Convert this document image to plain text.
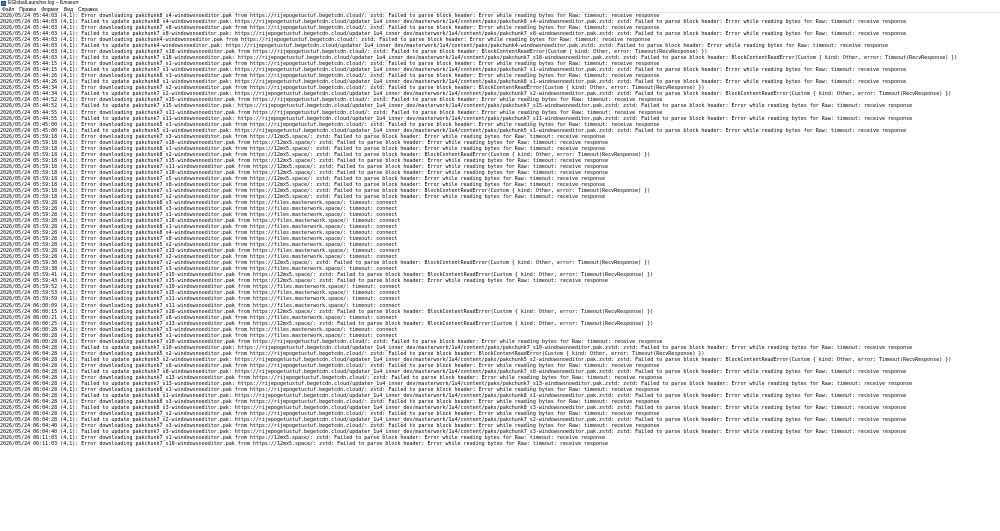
EGlobalLauncher.log – Блокнот
Файл	Правка	Формат	Вид	Справка
2026/05/24 05:44:03 (4,1): Error downloading pakchunk8_s4-windowsnoeditor.pak from https://rijepogetustuf.begetcdn.cloud/: zstd: Failed to parse block header: Error while reading bytes for Raw: timeout: receive response
2026/05/24 05:44:03 (4,1): Failed to update pakchunk8_s4-windowsnoeditor.pak: https://rijepogetustuf.begetcdn.cloud/updater_1u4_inner_dev/masterwork/1u4/content/paks/pakchunk8_s4-windowsnoeditor.pak.zstd: zstd: Failed to parse block header: Error while reading bytes for Raw: timeout: receive response
2026/05/24 05:44:03 (4,1): Error downloading pakchunk7_s8-windowsnoeditor.pak from https://rijepogetustuf.begetcdn.cloud/: zstd: Failed to parse block header: Error while reading bytes for Raw: timeout: receive response
2026/05/24 05:44:03 (4,1): Failed to update pakchunk7_s8-windowsnoeditor.pak: https://rijepogetustuf.begetcdn.cloud/updater_1u4_inner_dev/masterwork/1u4/content/paks/pakchunk7_s8-windowsnoeditor.pak.zstd: zstd: Failed to parse block header: Error while reading bytes for Raw: timeout: receive response
2026/05/24 05:44:03 (4,1): Error downloading pakchunk4-windowsnoeditor.pak from https://rijepogetustuf.begetcdn.cloud/: zstd: Failed to parse block header: Error while reading bytes for Raw: timeout: receive response
2026/05/24 05:44:03 (4,1): Failed to update pakchunk4-windowsnoeditor.pak: https://rijepogetustuf.begetcdn.cloud/updater_1u4_inner_dev/masterwork/1u4/content/paks/pakchunk4-windowsnoeditor.pak.zstd: zstd: Failed to parse block header: Error while reading bytes for Raw: timeout: receive response
2026/05/24 05:44:03 (4,1): Error downloading pakchunk7_s18-windowsnoeditor.pak from https://rijepogetustuf.begetcdn.cloud/: zstd: Failed to parse block header: BlockContentReadError(Custom { kind: Other, error: Timeout(RecvResponse) })
2026/05/24 05:44:03 (4,1): Failed to update pakchunk7_s18-windowsnoeditor.pak: https://rijepogetustuf.begetcdn.cloud/updater_1u4_inner_dev/masterwork/1u4/content/paks/pakchunk7_s18-windowsnoeditor.pak.zstd: zstd: Failed to parse block header: BlockContentReadError(Custom { kind: Other, error: Timeout(RecvResponse) })
2026/05/24 05:44:15 (4,1): Error downloading pakchunk7_s1-windowsnoeditor.pak from https://rijepogetustuf.begetcdn.cloud/: zstd: Failed to parse block header: Error while reading bytes for Raw: timeout: receive response
2026/05/24 05:44:15 (4,1): Failed to update pakchunk7_s1-windowsnoeditor.pak: https://rijepogetustuf.begetcdn.cloud/updater_1u4_inner_dev/masterwork/1u4/content/paks/pakchunk7_s1-windowsnoeditor.pak.zstd: zstd: Failed to parse block header: Error while reading bytes for Raw: timeout: receive response
2026/05/24 05:44:26 (4,1): Error downloading pakchunk8_s1-windowsnoeditor.pak from https://rijepogetustuf.begetcdn.cloud/: zstd: Failed to parse block header: Error while reading bytes for Raw: timeout: receive response
2026/05/24 05:44:26 (4,1): Failed to update pakchunk8_s1-windowsnoeditor.pak: https://rijepogetustuf.begetcdn.cloud/updater_1u4_inner_dev/masterwork/1u4/content/paks/pakchunk8_s1-windowsnoeditor.pak.zstd: zstd: Failed to parse block header: Error while reading bytes for Raw: timeout: receive response
2026/05/24 05:44:34 (4,1): Error downloading pakchunk7_s2-windowsnoeditor.pak from https://rijepogetustuf.begetcdn.cloud/: zstd: Failed to parse block header: BlockContentReadError(Custom { kind: Other, error: Timeout(RecvResponse) })
2026/05/24 05:44:34 (4,1): Failed to update pakchunk7_s2-windowsnoeditor.pak: https://rijepogetustuf.begetcdn.cloud/updater_1u4_inner_dev/masterwork/1u4/content/paks/pakchunk7_s2-windowsnoeditor.pak.zstd: zstd: Failed to parse block header: BlockContentReadError(Custom { kind: Other, error: Timeout(RecvResponse) })
2026/05/24 05:44:52 (4,1): Error downloading pakchunk7_s15-windowsnoeditor.pak from https://rijepogetustuf.begetcdn.cloud/: zstd: Failed to parse block header: Error while reading bytes for Raw: timeout: receive response
2026/05/24 05:44:52 (4,1): Failed to update pakchunk7_s15-windowsnoeditor.pak: https://rijepogetustuf.begetcdn.cloud/updater_1u4_inner_dev/masterwork/1u4/content/paks/pakchunk7_s15-windowsnoeditor.pak.zstd: zstd: Failed to parse block header: Error while reading bytes for Raw: timeout: receive response
2026/05/24 05:44:55 (4,1): Error downloading pakchunk7_s11-windowsnoeditor.pak from https://rijepogetustuf.begetcdn.cloud/: zstd: Failed to parse block header: Error while reading bytes for Raw: timeout: receive response
2026/05/24 05:44:55 (4,1): Failed to update pakchunk7_s11-windowsnoeditor.pak: https://rijepogetustuf.begetcdn.cloud/updater_1u4_inner_dev/masterwork/1u4/content/paks/pakchunk7_s11-windowsnoeditor.pak.zstd: zstd: Failed to parse block header: Error while reading bytes for Raw: timeout: receive response
2026/05/24 05:45:00 (4,1): Error downloading pakchunk5_s1-windowsnoeditor.pak from https://rijepogetustuf.begetcdn.cloud/: zstd: Failed to parse block header: Error while reading bytes for Raw: timeout: receive response
2026/05/24 05:45:00 (4,1): Failed to update pakchunk5_s1-windowsnoeditor.pak: https://rijepogetustuf.begetcdn.cloud/updater_1u4_inner_dev/masterwork/1u4/content/paks/pakchunk5_s1-windowsnoeditor.pak.zstd: zstd: Failed to parse block header: Error while reading bytes for Raw: timeout: receive response
2026/05/24 05:59:18 (4,1): Error downloading pakchunk7_s3-windowsnoeditor.pak from https://12mx5.space/: zstd: Failed to parse block header: Error while reading bytes for Raw: timeout: receive response
2026/05/24 05:59:18 (4,1): Error downloading pakchunk7_s16-windowsnoeditor.pak from https://12mx5.space/: zstd: Failed to parse block header: Error while reading bytes for Raw: timeout: receive response
2026/05/24 05:59:18 (4,1): Error downloading pakchunk8_s1-windowsnoeditor.pak from https://12mx5.space/: zstd: Failed to parse block header: Error while reading bytes for Raw: timeout: receive response
2026/05/24 05:59:18 (4,1): Error downloading pakchunk8_s2-windowsnoeditor.pak from https://12mx5.space/: zstd: Failed to parse block header: BlockContentReadError(Custom { kind: Other, error: Timeout(RecvResponse) })
2026/05/24 05:59:18 (4,1): Error downloading pakchunk7_s15-windowsnoeditor.pak from https://12mx5.space/: zstd: Failed to parse block header: Error while reading bytes for Raw: timeout: receive response
2026/05/24 05:59:18 (4,1): Error downloading pakchunk7_s11-windowsnoeditor.pak from https://12mx5.space/: zstd: Failed to parse block header: Error while reading bytes for Raw: timeout: receive response
2026/05/24 05:59:18 (4,1): Error downloading pakchunk7_s10-windowsnoeditor.pak from https://12mx5.space/: zstd: Failed to parse block header: Error while reading bytes for Raw: timeout: receive response
2026/05/24 05:59:18 (4,1): Error downloading pakchunk7_s5-windowsnoeditor.pak from https://12mx5.space/: zstd: Failed to parse block header: Error while reading bytes for Raw: timeout: receive response
2026/05/24 05:59:18 (4,1): Error downloading pakchunk7_s8-windowsnoeditor.pak from https://12mx5.space/: zstd: Failed to parse block header: Error while reading bytes for Raw: timeout: receive response
2026/05/24 05:59:18 (4,1): Error downloading pakchunk7_s1-windowsnoeditor.pak from https://12mx5.space/: zstd: Failed to parse block header: BlockContentReadError(Custom { kind: Other, error: Timeout(RecvResponse) })
2026/05/24 05:59:18 (4,1): Error downloading pakchunk7_s2-windowsnoeditor.pak from https://12mx5.space/: zstd: Failed to parse block header: Error while reading bytes for Raw: timeout: receive response
2026/05/24 05:59:28 (4,1): Error downloading pakchunk8_s3-windowsnoeditor.pak from https://files.masterwork.space/: timeout: connect
2026/05/24 05:59:28 (4,1): Error downloading pakchunk6_s3-windowsnoeditor.pak from https://files.masterwork.space/: timeout: connect
2026/05/24 05:59:28 (4,1): Error downloading pakchunk7_s1-windowsnoeditor.pak from https://files.masterwork.space/: timeout: connect
2026/05/24 05:59:28 (4,1): Error downloading pakchunk7_s16-windowsnoeditor.pak from https://files.masterwork.space/: timeout: connect
2026/05/24 05:59:28 (4,1): Error downloading pakchunk8_s1-windowsnoeditor.pak from https://files.masterwork.space/: timeout: connect
2026/05/24 05:59:28 (4,1): Error downloading pakchunk8_s4-windowsnoeditor.pak from https://files.masterwork.space/: timeout: connect
2026/05/24 05:59:28 (4,1): Error downloading pakchunk7_s8-windowsnoeditor.pak from https://files.masterwork.space/: timeout: connect
2026/05/24 05:59:28 (4,1): Error downloading pakchunk5_s2-windowsnoeditor.pak from https://files.masterwork.space/: timeout: connect
2026/05/24 05:59:28 (4,1): Error downloading pakchunk7_s13-windowsnoeditor.pak from https://files.masterwork.space/: timeout: connect
2026/05/24 05:59:28 (4,1): Error downloading pakchunk7_s2-windowsnoeditor.pak from https://files.masterwork.space/: timeout: connect
2026/05/24 05:59:30 (4,1): Error downloading pakchunk7_s2-windowsnoeditor.pak from https://12mx5.space/: zstd: Failed to parse block header: BlockContentReadError(Custom { kind: Other, error: Timeout(RecvResponse) })
2026/05/24 05:59:38 (4,1): Error downloading pakchunk7_s3-windowsnoeditor.pak from https://files.masterwork.space/: timeout: connect
2026/05/24 05:59:41 (4,1): Error downloading pakchunk7_s15-windowsnoeditor.pak from https://12mx5.space/: zstd: Failed to parse block header: BlockContentReadError(Custom { kind: Other, error: Timeout(RecvResponse) })
2026/05/24 05:59:43 (4,1): Error downloading pakchunk7_s15-windowsnoeditor.pak from https://12mx5.space/: zstd: Failed to parse block header: Error while reading bytes for Raw: timeout: receive response
2026/05/24 05:59:52 (4,1): Error downloading pakchunk7_s10-windowsnoeditor.pak from https://files.masterwork.space/: timeout: connect
2026/05/24 05:59:53 (4,1): Error downloading pakchunk7_s15-windowsnoeditor.pak from https://files.masterwork.space/: timeout: connect
2026/05/24 05:59:59 (4,1): Error downloading pakchunk7_s11-windowsnoeditor.pak from https://files.masterwork.space/: timeout: connect
2026/05/24 06:00:09 (4,1): Error downloading pakchunk7_s11-windowsnoeditor.pak from https://files.masterwork.space/: timeout: connect
2026/05/24 06:00:15 (4,1): Error downloading pakchunk7_s18-windowsnoeditor.pak from https://12mx5.space/: zstd: Failed to parse block header: BlockContentReadError(Custom { kind: Other, error: Timeout(RecvResponse) })
2026/05/24 06:00:21 (4,1): Error downloading pakchunk7_s8-windowsnoeditor.pak from https://files.masterwork.space/: timeout: connect
2026/05/24 06:00:25 (4,1): Error downloading pakchunk7_s13-windowsnoeditor.pak from https://12mx5.space/: zstd: Failed to parse block header: BlockContentReadError(Custom { kind: Other, error: Timeout(RecvResponse) })
2026/05/24 06:00:28 (4,1): Error downloading pakchunk7_s3-windowsnoeditor.pak from https://files.masterwork.space/: timeout: connect
2026/05/24 06:00:28 (4,1): Error downloading pakchunk5_s1-windowsnoeditor.pak from https://files.masterwork.space/: timeout: connect
2026/05/24 06:00:28 (4,1): Error downloading pakchunk7_s10-windowsnoeditor.pak from https://rijepogetustuf.begetcdn.cloud/: zstd: Failed to parse block header: Error while reading bytes for Raw: timeout: receive response
2026/05/24 06:04:28 (4,1): Failed to update pakchunk7_s10-windowsnoeditor.pak: https://rijepogetustuf.begetcdn.cloud/updater_1u4_inner_dev/masterwork/1u4/content/paks/pakchunk7_s10-windowsnoeditor.pak.zstd: zstd: Failed to parse block header: Error while reading bytes for Raw: timeout: receive response
2026/05/24 06:04:28 (4,1): Error downloading pakchunk5_s2-windowsnoeditor.pak from https://rijepogetustuf.begetcdn.cloud/: zstd: Failed to parse block header: BlockContentReadError(Custom { kind: Other, error: Timeout(RecvResponse) })
2026/05/24 06:04:28 (4,1): Failed to update pakchunk5_s2-windowsnoeditor.pak: https://rijepogetustuf.begetcdn.cloud/updater_1u4_inner_dev/masterwork/1u4/content/paks/pakchunk5_s2-windowsnoeditor.pak.zstd: zstd: Failed to parse block header: BlockContentReadError(Custom { kind: Other, error: Timeout(RecvResponse) })
2026/05/24 06:04:28 (4,1): Error downloading pakchunk7_s8-windowsnoeditor.pak from https://rijepogetustuf.begetcdn.cloud/: zstd: Failed to parse block header: Error while reading bytes for Raw: timeout: receive response
2026/05/24 06:04:28 (4,1): Failed to update pakchunk7_s8-windowsnoeditor.pak: https://rijepogetustuf.begetcdn.cloud/updater_1u4_inner_dev/masterwork/1u4/content/paks/pakchunk7_s8-windowsnoeditor.pak.zstd: zstd: Failed to parse block header: Error while reading bytes for Raw: timeout: receive response
2026/05/24 06:04:28 (4,1): Error downloading pakchunk7_s13-windowsnoeditor.pak from https://rijepogetustuf.begetcdn.cloud/: zstd: Failed to parse block header: Error while reading bytes for Raw: timeout: receive response
2026/05/24 06:04:28 (4,1): Failed to update pakchunk7_s13-windowsnoeditor.pak: https://rijepogetustuf.begetcdn.cloud/updater_1u4_inner_dev/masterwork/1u4/content/paks/pakchunk7_s13-windowsnoeditor.pak.zstd: zstd: Failed to parse block header: Error while reading bytes for Raw: timeout: receive response
2026/05/24 06:04:28 (4,1): Error downloading pakchunk8_s1-windowsnoeditor.pak from https://rijepogetustuf.begetcdn.cloud/: zstd: Failed to parse block header: Error while reading bytes for Raw: timeout: receive response
2026/05/24 06:04:28 (4,1): Failed to update pakchunk8_s1-windowsnoeditor.pak: https://rijepogetustuf.begetcdn.cloud/updater_1u4_inner_dev/masterwork/1u4/content/paks/pakchunk8_s1-windowsnoeditor.pak.zstd: zstd: Failed to parse block header: Error while reading bytes for Raw: timeout: receive response
2026/05/24 06:04:28 (4,1): Error downloading pakchunk8_s3-windowsnoeditor.pak from https://rijepogetustuf.begetcdn.cloud/: zstd: Failed to parse block header: Error while reading bytes for Raw: timeout: receive response
2026/05/24 06:04:28 (4,1): Failed to update pakchunk8_s3-windowsnoeditor.pak: https://rijepogetustuf.begetcdn.cloud/updater_1u4_inner_dev/masterwork/1u4/content/paks/pakchunk8_s3-windowsnoeditor.pak.zstd: zstd: Failed to parse block header: Error while reading bytes for Raw: timeout: receive response
2026/05/24 06:04:28 (4,1): Error downloading pakchunk7_s2-windowsnoeditor.pak from https://rijepogetustuf.begetcdn.cloud/: zstd: Failed to parse block header: Error while reading bytes for Raw: timeout: receive response
2026/05/24 06:04:28 (4,1): Failed to update pakchunk7_s2-windowsnoeditor.pak: https://rijepogetustuf.begetcdn.cloud/updater_1u4_inner_dev/masterwork/1u4/content/paks/pakchunk7_s2-windowsnoeditor.pak.zstd: zstd: Failed to parse block header: Error while reading bytes for Raw: timeout: receive response
2026/05/24 06:04:40 (4,1): Error downloading pakchunk7_s3-windowsnoeditor.pak from https://rijepogetustuf.begetcdn.cloud/: zstd: Failed to parse block header: Error while reading bytes for Raw: timeout: receive response
2026/05/24 06:04:40 (4,1): Failed to update pakchunk7_s3-windowsnoeditor.pak: https://rijepogetustuf.begetcdn.cloud/updater_1u4_inner_dev/masterwork/1u4/content/paks/pakchunk7_s3-windowsnoeditor.pak.zstd: zstd: Failed to parse block header: Error while reading bytes for Raw: timeout: receive response
2026/05/24 06:11:03 (4,1): Error downloading pakchunk7_s1-windowsnoeditor.pak from https://12mx5.space/: zstd: Failed to parse block header: Error while reading bytes for Raw: timeout: receive response
2026/05/24 06:11:03 (4,1): Error downloading pakchunk7_s10-windowsnoeditor.pak from https://12mx5.space/: zstd: Failed to parse block header: Error while reading bytes for Raw: timeout: receive response
